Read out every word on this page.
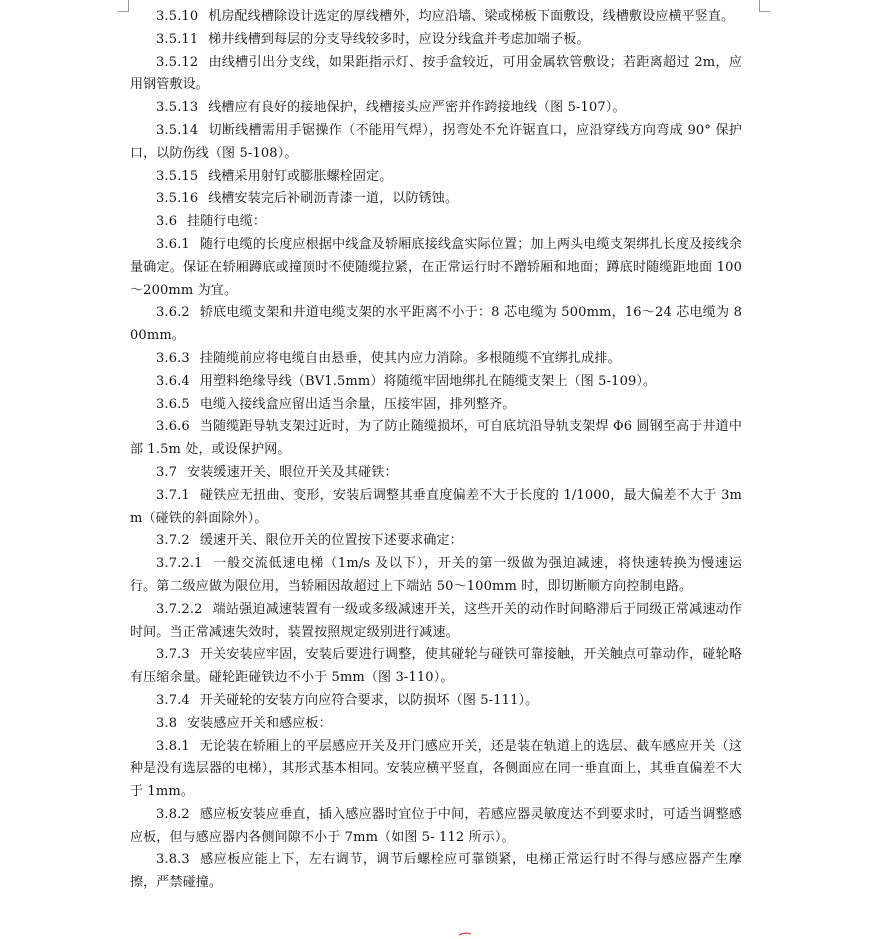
3.5.10 机房配线槽除设计选定的厚线槽外，均应沿墙、梁或梯板下面敷设，线槽敷设应横平竖直。

3.5.11 梯井线槽到每层的分支导线较多时，应设分线盒并考虑加端子板。

3.5.12 由线槽引出分支线，如果距指示灯、按手盒较近，可用金属软管敷设；若距离超过 2m，应用钢管敷设。

3.5.13 线槽应有良好的接地保护，线槽接头应严密并作跨接地线（图 5-107）。

3.5.14 切断线槽需用手锯操作（不能用气焊），拐弯处不允许锯直口，应沿穿线方向弯成 90° 保护口，以防伤线（图 5-108）。

3.5.15 线槽采用射钉或膨胀螺栓固定。

3.5.16 线槽安装完后补刷沥青漆一道，以防锈蚀。

3.6 挂随行电缆：

3.6.1 随行电缆的长度应根据中线盒及轿厢底接线盒实际位置；加上两头电缆支架绑扎长度及接线余量确定。保证在轿厢蹲底或撞顶时不使随缆拉紧，在正常运行时不蹭轿厢和地面；蹲底时随缆距地面 100～200mm 为宜。

3.6.2 轿底电缆支架和井道电缆支架的水平距离不小于：8 芯电缆为 500mm，16～24 芯电缆为 800mm。

3.6.3 挂随缆前应将电缆自由悬垂，使其内应力消除。多根随缆不宜绑扎成排。

3.6.4 用塑料绝缘导线（BV1.5mm）将随缆牢固地绑扎在随缆支架上（图 5-109）。

3.6.5 电缆入接线盒应留出适当余量，压接牢固，排列整齐。

3.6.6 当随缆距导轨支架过近时，为了防止随缆损坏，可自底坑沿导轨支架焊 Φ6 圆钢至高于井道中部 1.5m 处，或设保护网。

3.7 安装缓速开关、眼位开关及其碰铁：

3.7.1 碰铁应无扭曲、变形，安装后调整其垂直度偏差不大于长度的 1/1000，最大偏差不大于 3mm（碰铁的斜面除外）。

3.7.2 缓速开关、限位开关的位置按下述要求确定：

3.7.2.1 一般交流低速电梯（1m/s 及以下），开关的第一级做为强迫减速，将快速转换为慢速运行。第二级应做为限位用，当轿厢因故超过上下端站 50～100mm 时，即切断顺方向控制电路。

3.7.2.2 端站强迫减速装置有一级或多级减速开关，这些开关的动作时间略滞后于同级正常减速动作时间。当正常减速失效时，装置按照规定级别进行减速。

3.7.3 开关安装应牢固，安装后要进行调整，使其碰轮与碰铁可靠接触，开关触点可靠动作，碰轮略有压缩余量。碰轮距碰铁边不小于 5mm（图 3-110）。

3.7.4 开关碰轮的安装方向应符合要求，以防损坏（图 5-111）。

3.8 安装感应开关和感应板：

3.8.1 无论装在轿厢上的平层感应开关及开门感应开关，还是装在轨道上的选层、截车感应开关（这种是没有选层器的电梯），其形式基本相同。安装应横平竖直，各侧面应在同一垂直面上，其垂直偏差不大于 1mm。

3.8.2 感应板安装应垂直，插入感应器时宜位于中间，若感应器灵敏度达不到要求时，可适当调整感应板，但与感应器内各侧间隙不小于 7mm（如图 5- 112 所示）。

3.8.3 感应板应能上下，左右调节，调节后螺栓应可靠锁紧，电梯正常运行时不得与感应器产生摩擦，严禁碰撞。
